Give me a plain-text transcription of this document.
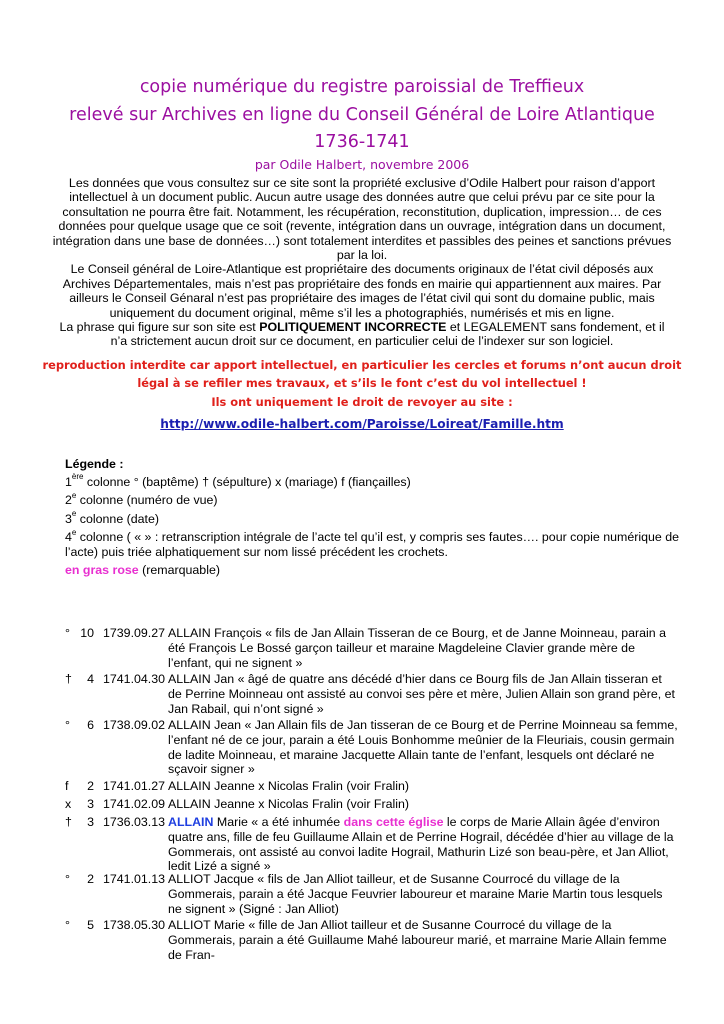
copie numérique du registre paroissial de Treffieux
relevé sur Archives en ligne du Conseil Général de Loire Atlantique
1736-1741
par Odile Halbert, novembre 2006

Les données que vous consultez sur ce site sont la propriété exclusive d’Odile Halbert pour raison d’apport intellectuel à un document public. Aucun autre usage des données autre que celui prévu par ce site pour la consultation ne pourra être fait. Notamment, les récupération, reconstitution, duplication, impression… de ces données pour quelque usage que ce soit (revente, intégration dans un ouvrage, intégration dans un document, intégration dans une base de données…) sont totalement interdites et passibles des peines et sanctions prévues par la loi.

Le Conseil général de Loire-Atlantique est propriétaire des documents originaux de l’état civil déposés aux Archives Départementales, mais n’est pas propriétaire des fonds en mairie qui appartiennent aux maires. Par ailleurs le Conseil Génaral n’est pas propriétaire des images de l’état civil qui sont du domaine public, mais uniquement du document original, même s’il les a photographiés, numérisés et mis en ligne.

La phrase qui figure sur son site est POLITIQUEMENT INCORRECTE et LEGALEMENT sans fondement, et il n’a strictement aucun droit sur ce document, en particulier celui de l’indexer sur son logiciel.

reproduction interdite car apport intellectuel, en particulier les cercles et forums n’ont aucun droit légal à se refiler mes travaux, et s’ils le font c’est du vol intellectuel !
Ils ont uniquement le droit de revoyer au site :
http://www.odile-halbert.com/Paroisse/Loireat/Famille.htm
Légende :
1ère colonne ° (baptême) † (sépulture) x (mariage) f (fiançailles)
2e colonne (numéro de vue)
3e colonne (date)
4e colonne ( « » : retranscription intégrale de l’acte tel qu’il est, y compris ses fautes…. pour copie numérique de l’acte) puis triée alphatiquement sur nom lissé précédent les crochets.
en gras rose (remarquable)
° 10 1739.09.27 ALLAIN François « fils de Jan Allain Tisseran de ce Bourg, et de Janne Moinneau, parain a été François Le Bossé garçon tailleur et maraine Magdeleine Clavier grande mère de l’enfant, qui ne signent »
†	4 1741.04.30 ALLAIN Jan « âgé de quatre ans décédé d’hier dans ce Bourg fils de Jan Allain tisseran et de Perrine Moinneau ont assisté au convoi ses père et mère, Julien Allain son grand père, et Jan Rabail, qui n’ont signé »
°	6 1738.09.02 ALLAIN Jean « Jan Allain fils de Jan tisseran de ce Bourg et de Perrine Moinneau sa femme, l’enfant né de ce jour, parain a été Louis Bonhomme meûnier de la Fleuriais, cousin germain de ladite Moinneau, et maraine Jacquette Allain tante de l’enfant, lesquels ont déclaré ne sçavoir signer »
f	2 1741.01.27 ALLAIN Jeanne x Nicolas Fralin (voir Fralin)
x	3 1741.02.09 ALLAIN Jeanne x Nicolas Fralin (voir Fralin)
†	3 1736.03.13 ALLAIN Marie « a été inhumée dans cette église le corps de Marie Allain âgée d’environ quatre ans, fille de feu Guillaume Allain et de Perrine Hograil, décédée d’hier au village de la Gommerais, ont assisté au convoi ladite Hograil, Mathurin Lizé son beau-père, et Jan Alliot, ledit Lizé a signé »
°	2 1741.01.13 ALLIOT Jacque « fils de Jan Alliot tailleur, et de Susanne Courrocé du village de la Gommerais, parain a été Jacque Feuvrier laboureur et maraine Marie Martin tous lesquels ne signent » (Signé : Jan Alliot)
°	5 1738.05.30 ALLIOT Marie « fille de Jan Alliot tailleur et de Susanne Courrocé du village de la Gommerais, parain a été Guillaume Mahé laboureur marié, et marraine Marie Allain femme de Fran-
